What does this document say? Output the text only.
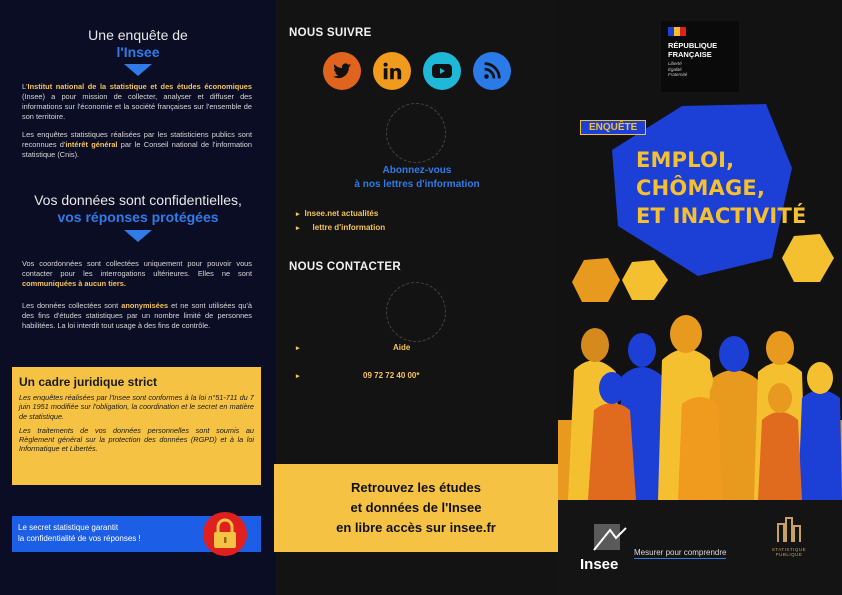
Une enquête de
l'Insee
L'Institut national de la statistique et des études économiques (Insee) a pour mission de collecter, analyser et diffuser des informations sur l'économie et la société françaises sur l'ensemble de son territoire.
Les enquêtes statistiques réalisées par les statisticiens publics sont reconnues d'intérêt général par le Conseil national de l'information statistique (Cnis).
Vos données sont confidentielles,
vos réponses protégées
Vos coordonnées sont collectées uniquement pour pouvoir vous contacter pour les interrogations ultérieures. Elles ne sont communiquées à aucun tiers.
Les données collectées sont anonymisées et ne sont utilisées qu'à des fins d'études statistiques par un nombre limité de personnes habilitées. La loi interdit tout usage à des fins de contrôle.
Un cadre juridique strict

Les enquêtes réalisées par l'Insee sont conformes à la loi n°51-711 du 7 juin 1951 modifiée sur l'obligation, la coordination et le secret en matière de statistique.

Les traitements de vos données personnelles sont soumis au Règlement général sur la protection des données (RGPD) et à la loi Informatique et Libertés.

Le secret statistique garantit
la confidentialité de vos réponses !
NOUS SUIVRE
Abonnez-vous
à nos lettres d'information
▸ Insee.net actualités
▸ lettre d'information
NOUS CONTACTER
▸	Aide
▸	09 72 72 40 00*
Retrouvez les études
et données de l'Insee
en libre accès sur insee.fr
RÉPUBLIQUE
FRANÇAISE
Liberté
Égalité
Fraternité
ENQUÊTE
EMPLOI,
CHÔMAGE,
ET INACTIVITÉ
Insee
Mesurer pour comprendre	STATISTIQUE
PUBLIQUE
